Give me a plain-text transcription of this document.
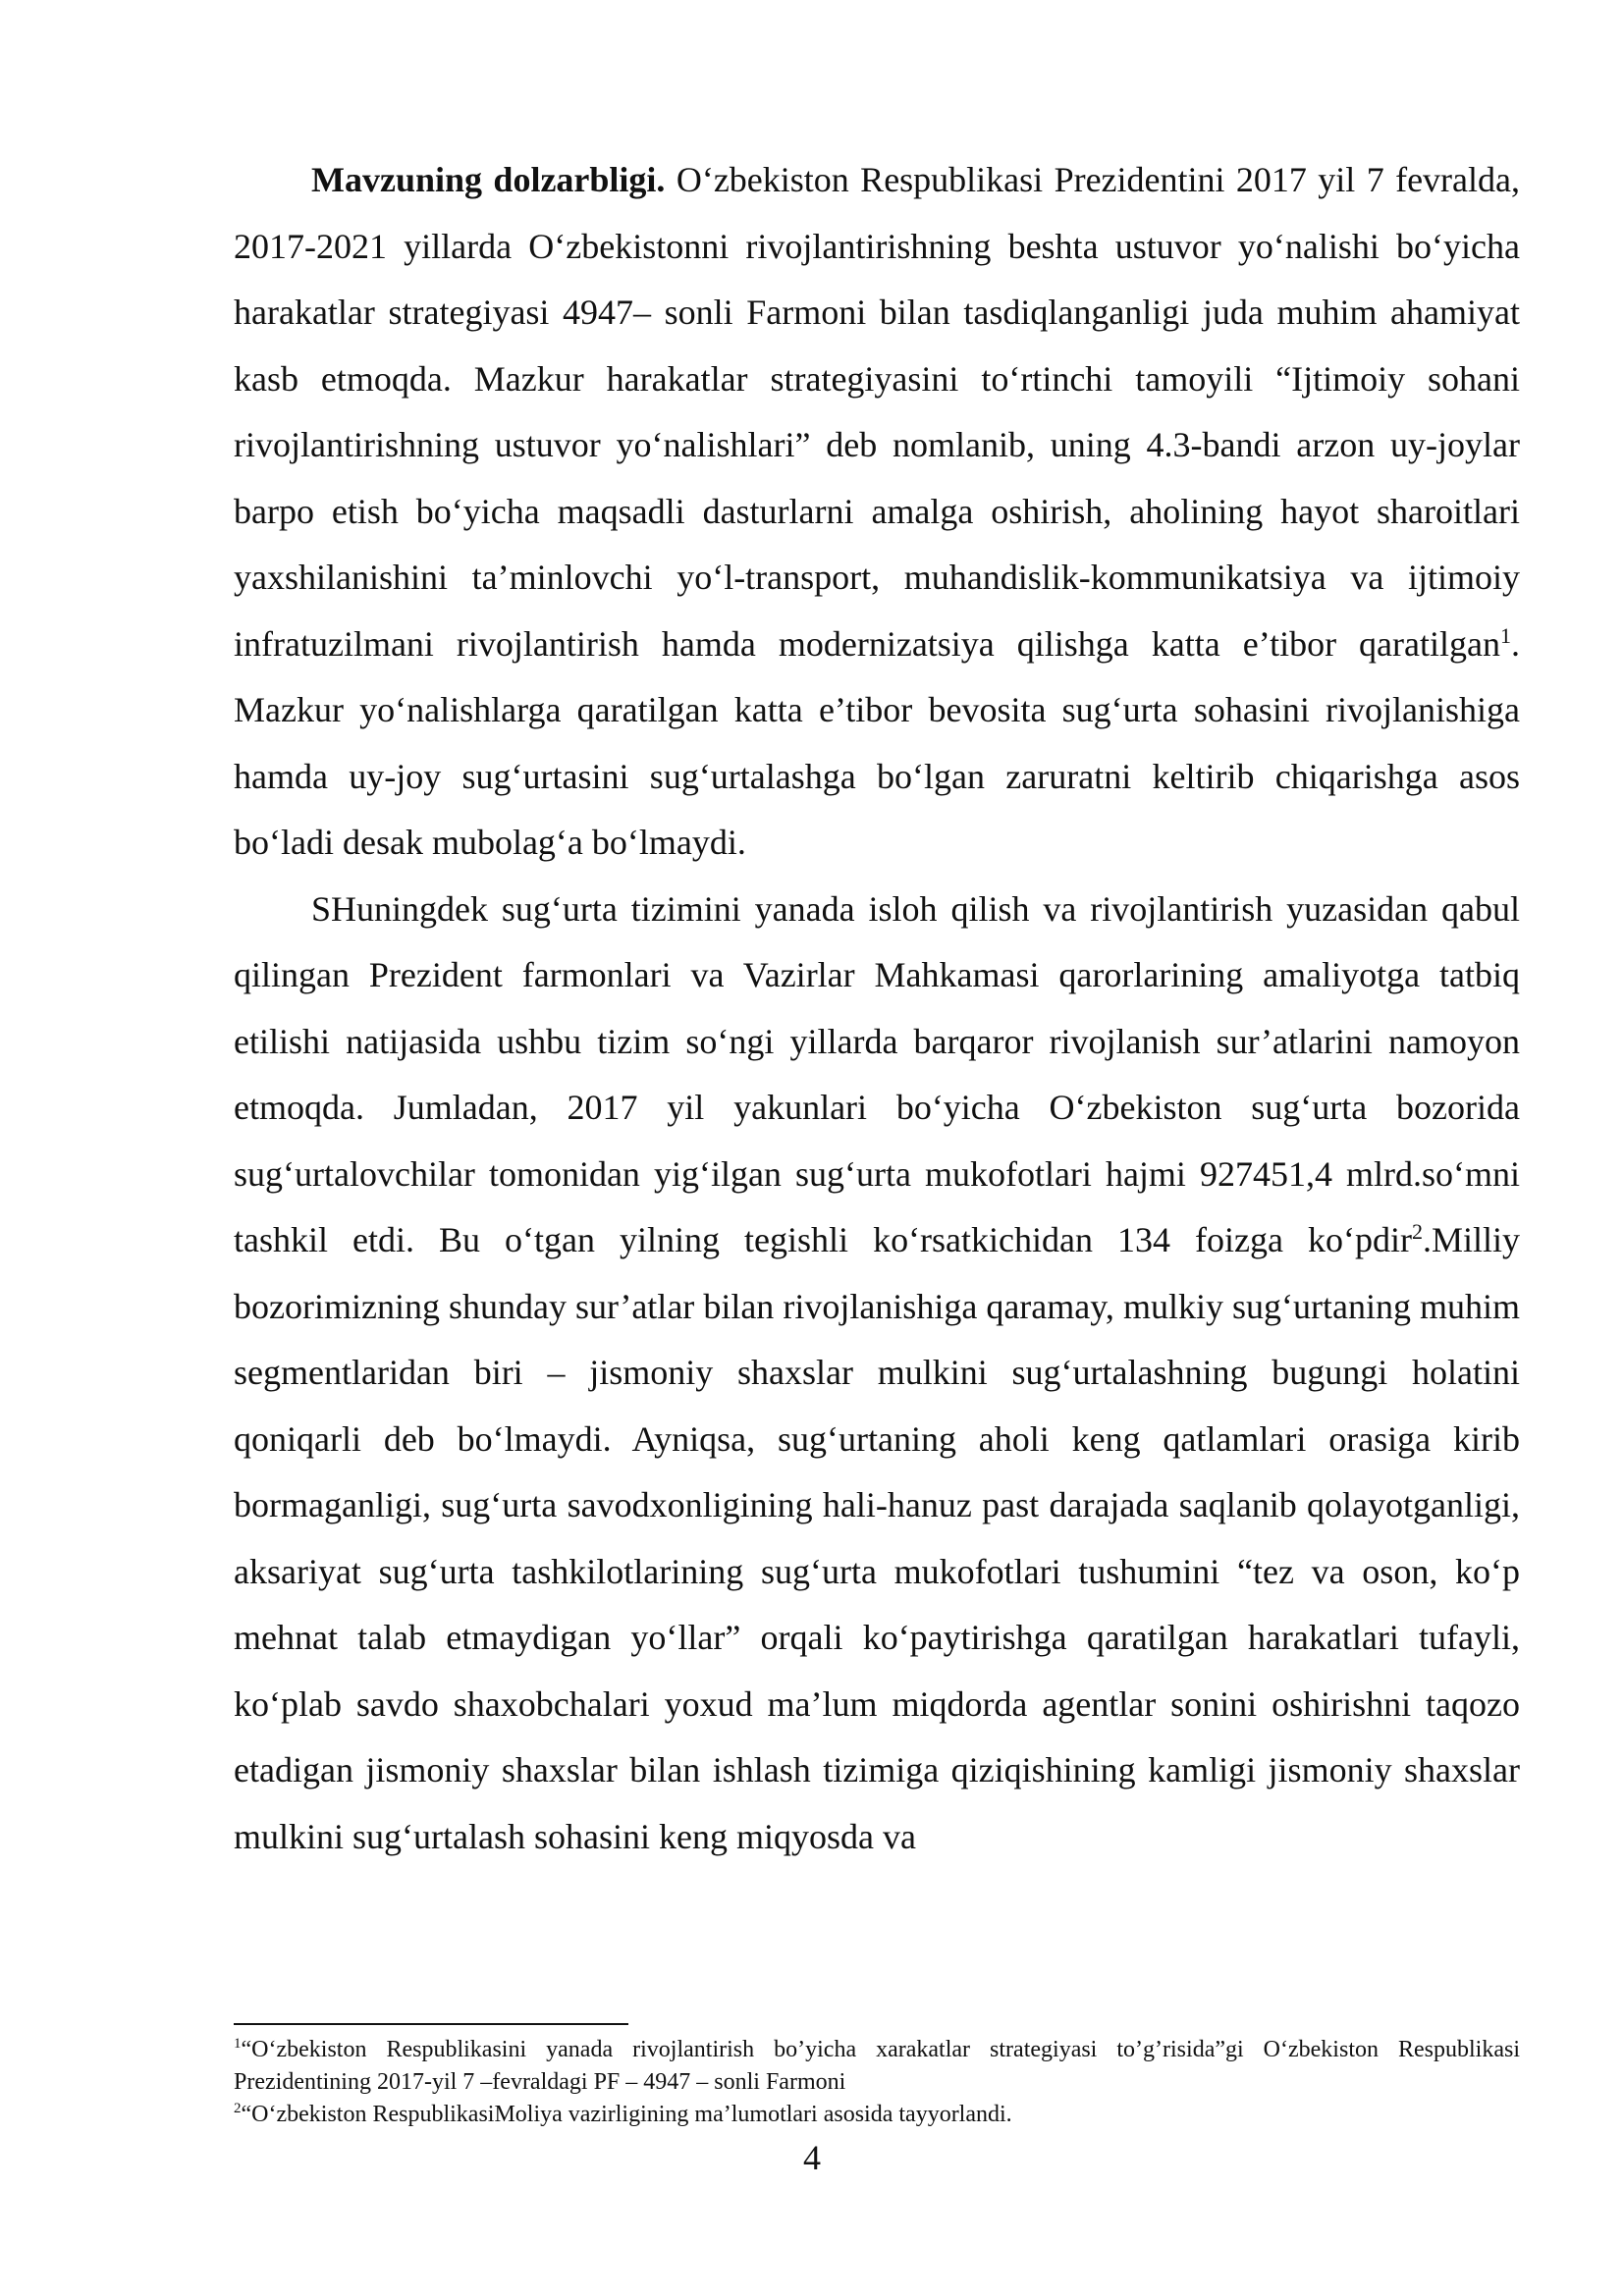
Mavzuning dolzarbligi. O‘zbekiston Respublikasi Prezidentini 2017 yil 7 fevralda, 2017-2021 yillarda O‘zbekistonni rivojlantirishning beshta ustuvor yo‘nalishi bo‘yicha harakatlar strategiyasi 4947– sonli Farmoni bilan tasdiqlanganligi juda muhim ahamiyat kasb etmoqda. Mazkur harakatlar strategiyasini to‘rtinchi tamoyili “Ijtimoiy sohani rivojlantirishning ustuvor yo‘nalishlari” deb nomlanib, uning 4.3-bandi arzon uy-joylar barpo etish bo‘yicha maqsadli dasturlarni amalga oshirish, aholining hayot sharoitlari yaxshilanishini ta’minlovchi yo‘l-transport, muhandislik-kommunikatsiya va ijtimoiy infratuzilmani rivojlantirish hamda modernizatsiya qilishga katta e’tibor qaratilgan$^1$. Mazkur yo‘nalishlarga qaratilgan katta e’tibor bevosita sug‘urta sohasini rivojlanishiga hamda uy-joy sug‘urtasini sug‘urtalashga bo‘lgan zaruratni keltirib chiqarishga asos bo‘ladi desak mubolag‘a bo‘lmaydi.

SHuningdek sug‘urta tizimini yanada isloh qilish va rivojlantirish yuzasidan qabul qilingan Prezident farmonlari va Vazirlar Mahkamasi qarorlarining amaliyotga tatbiq etilishi natijasida ushbu tizim so‘ngi yillarda barqaror rivojlanish sur’atlarini namoyon etmoqda. Jumladan, 2017 yil yakunlari bo‘yicha O‘zbekiston sug‘urta bozorida sug‘urtalovchilar tomonidan yig‘ilgan sug‘urta mukofotlari hajmi 927451,4 mlrd.so‘mni tashkil etdi. Bu o‘tgan yilning tegishli ko‘rsatkichidan 134 foizga ko‘pdir$^2$.Milliy bozorimizning shunday sur’atlar bilan rivojlanishiga qaramay, mulkiy sug‘urtaning muhim segmentlaridan biri – jismoniy shaxslar mulkini sug‘urtalashning bugungi holatini qoniqarli deb bo‘lmaydi. Ayniqsa, sug‘urtaning aholi keng qatlamlari orasiga kirib bormaganligi, sug‘urta savodxonligining hali-hanuz past darajada saqlanib qolayotganligi, aksariyat sug‘urta tashkilotlarining sug‘urta mukofotlari tushumini “tez va oson, ko‘p mehnat talab etmaydigan yo‘llar” orqali ko‘paytirishga qaratilgan harakatlari tufayli, ko‘plab savdo shaxobchalari yoxud ma’lum miqdorda agentlar sonini oshirishni taqozo etadigan jismoniy shaxslar bilan ishlash tizimiga qiziqishining kamligi jismoniy shaxslar mulkini sug‘urtalash sohasini keng miqyosda va

$^1$“O‘zbekiston Respublikasini yanada rivojlantirish bo’yicha xarakatlar strategiyasi to’g’risida”gi O‘zbekiston Respublikasi Prezidentining 2017-yil 7 –fevraldagi PF – 4947 – sonli Farmoni

$^2$“O‘zbekiston RespublikasiMoliya vazirligining ma’lumotlari asosida tayyorlandi.

4
